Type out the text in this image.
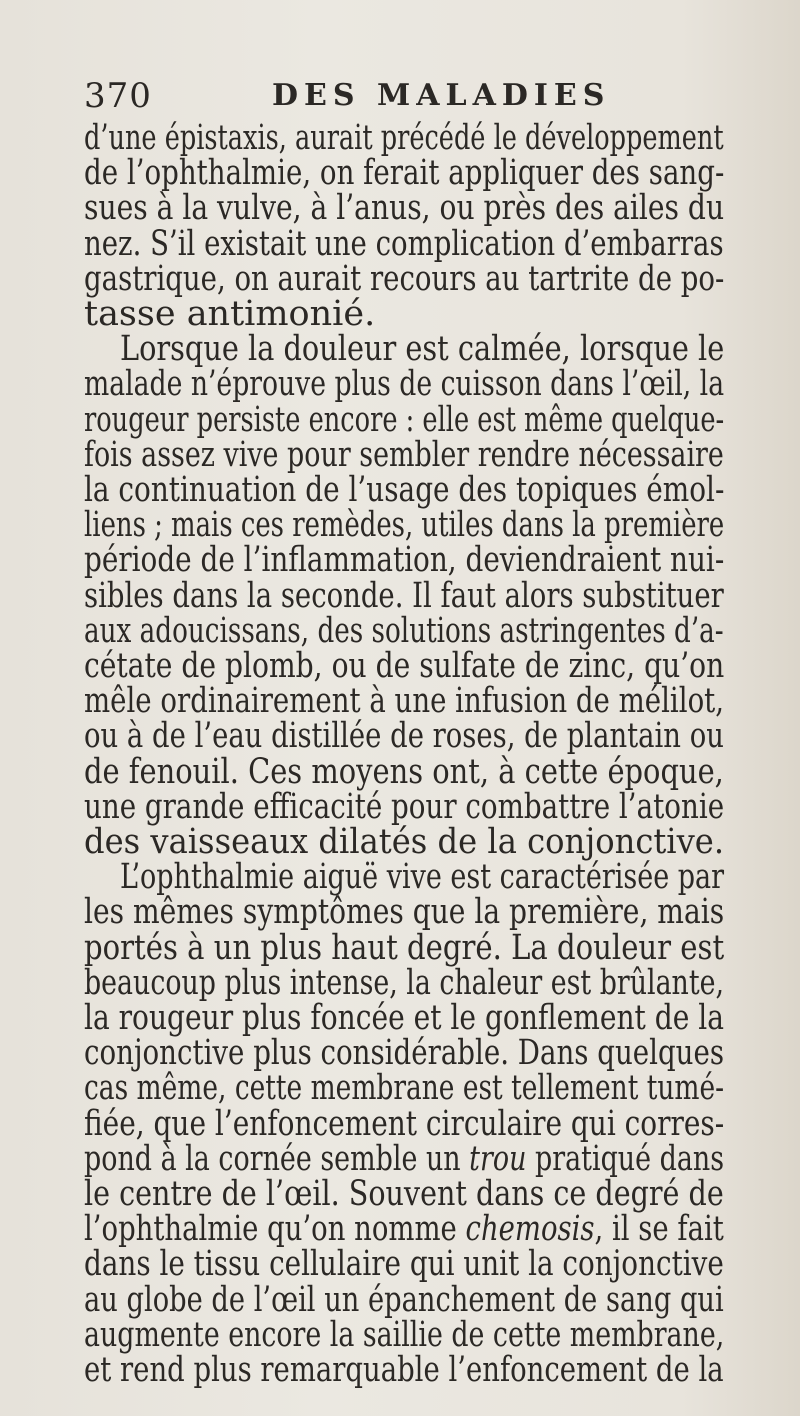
370	DES MALADIES
d’une épistaxis, aurait précédé le développement
de l’ophthalmie, on ferait appliquer des sang-
sues à la vulve, à l’anus, ou près des ailes du
nez. S’il existait une complication d’embarras
gastrique, on aurait recours au tartrite de po-
tasse antimonié.
Lorsque la douleur est calmée, lorsque le
malade n’éprouve plus de cuisson dans l’œil, la
rougeur persiste encore : elle est même quelque-
fois assez vive pour sembler rendre nécessaire
la continuation de l’usage des topiques émol-
liens ; mais ces remèdes, utiles dans la première
période de l’inflammation, deviendraient nui-
sibles dans la seconde. Il faut alors substituer
aux adoucissans, des solutions astringentes d’a-
cétate de plomb, ou de sulfate de zinc, qu’on
mêle ordinairement à une infusion de mélilot,
ou à de l’eau distillée de roses, de plantain ou
de fenouil. Ces moyens ont, à cette époque,
une grande efficacité pour combattre l’atonie
des vaisseaux dilatés de la conjonctive.
L’ophthalmie aiguë vive est caractérisée par
les mêmes symptômes que la première, mais
portés à un plus haut degré. La douleur est
beaucoup plus intense, la chaleur est brûlante,
la rougeur plus foncée et le gonflement de la
conjonctive plus considérable. Dans quelques
cas même, cette membrane est tellement tumé-
fiée, que l’enfoncement circulaire qui corres-
pond à la cornée semble un trou pratiqué dans
le centre de l’œil. Souvent dans ce degré de
l’ophthalmie qu’on nomme chemosis, il se fait
dans le tissu cellulaire qui unit la conjonctive
au globe de l’œil un épanchement de sang qui
augmente encore la saillie de cette membrane,
et rend plus remarquable l’enfoncement de la
